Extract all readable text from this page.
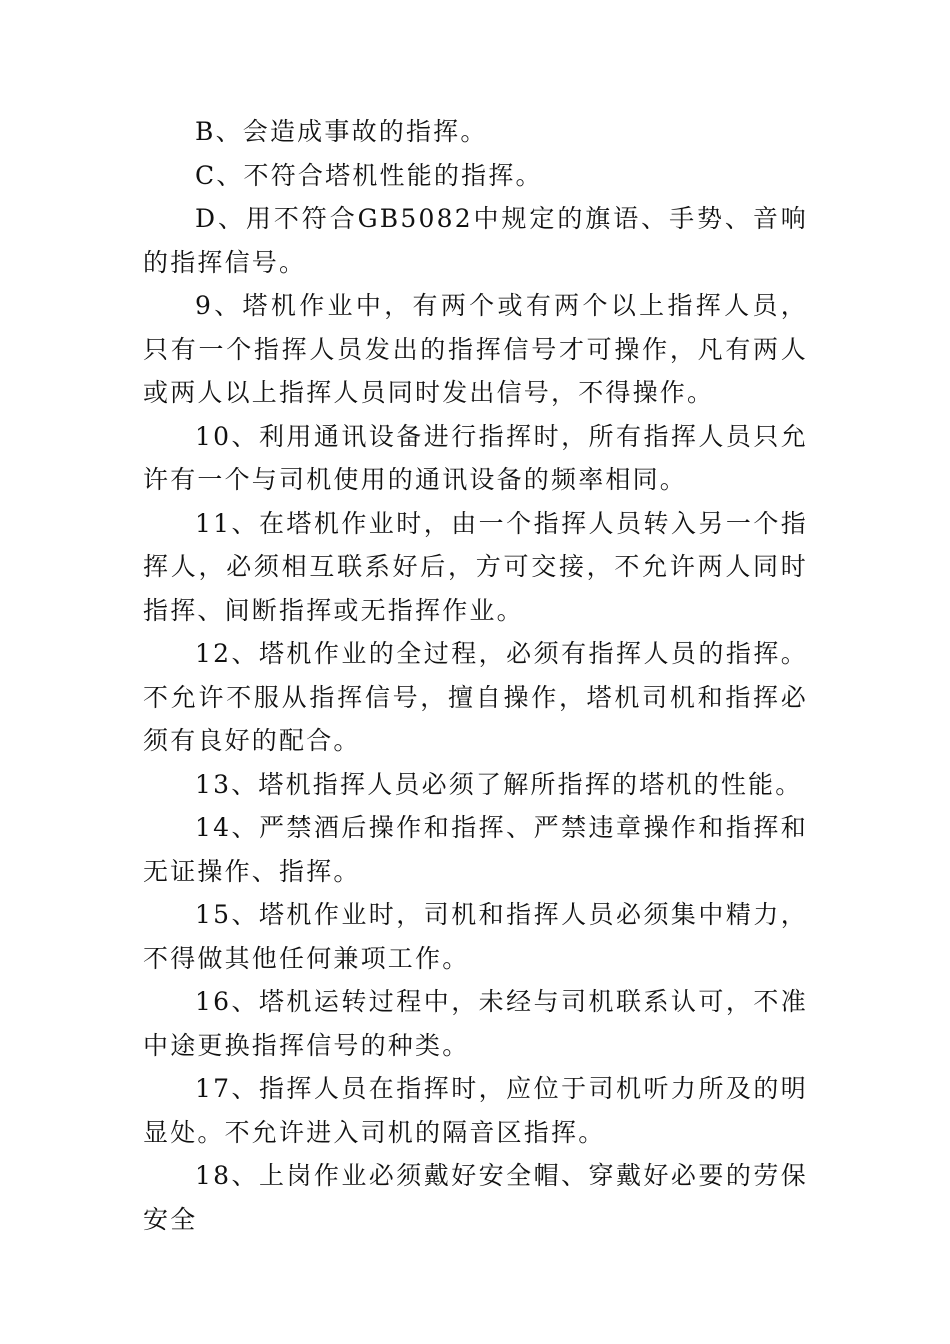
B、会造成事故的指挥。

C、不符合塔机性能的指挥。

D、用不符合GB5082中规定的旗语、手势、音响的指挥信号。

9、塔机作业中，有两个或有两个以上指挥人员，只有一个指挥人员发出的指挥信号才可操作，凡有两人或两人以上指挥人员同时发出信号，不得操作。

10、利用通讯设备进行指挥时，所有指挥人员只允许有一个与司机使用的通讯设备的频率相同。

11、在塔机作业时，由一个指挥人员转入另一个指挥人，必须相互联系好后，方可交接，不允许两人同时指挥、间断指挥或无指挥作业。

12、塔机作业的全过程，必须有指挥人员的指挥。不允许不服从指挥信号，擅自操作，塔机司机和指挥必须有良好的配合。

13、塔机指挥人员必须了解所指挥的塔机的性能。

14、严禁酒后操作和指挥、严禁违章操作和指挥和无证操作、指挥。

15、塔机作业时，司机和指挥人员必须集中精力，不得做其他任何兼项工作。

16、塔机运转过程中，未经与司机联系认可，不准中途更换指挥信号的种类。

17、指挥人员在指挥时，应位于司机听力所及的明显处。不允许进入司机的隔音区指挥。

18、上岗作业必须戴好安全帽、穿戴好必要的劳保安全
